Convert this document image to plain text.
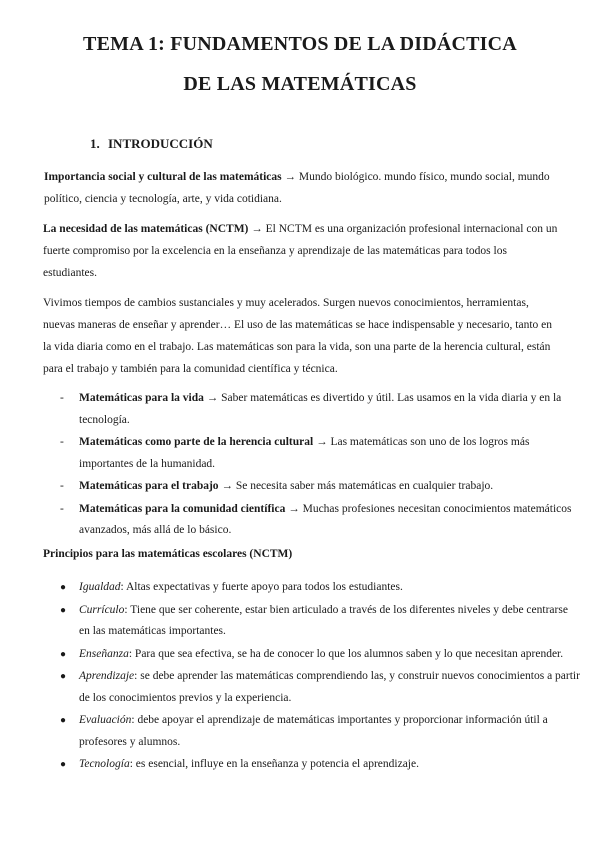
TEMA 1: FUNDAMENTOS DE LA DIDÁCTICA
DE LAS MATEMÁTICAS
1. INTRODUCCIÓN

Importancia social y cultural de las matemáticas → Mundo biológico. mundo físico, mundo social, mundo político, ciencia y tecnología, arte, y vida cotidiana.

La necesidad de las matemáticas (NCTM) → El NCTM es una organización profesional internacional con un fuerte compromiso por la excelencia en la enseñanza y aprendizaje de las matemáticas para todos los estudiantes.

Vivimos tiempos de cambios sustanciales y muy acelerados. Surgen nuevos conocimientos, herramientas, nuevas maneras de enseñar y aprender… El uso de las matemáticas se hace indispensable y necesario, tanto en la vida diaria como en el trabajo. Las matemáticas son para la vida, son una parte de la herencia cultural, están para el trabajo y también para la comunidad científica y técnica.

- Matemáticas para la vida → Saber matemáticas es divertido y útil. Las usamos en la vida diaria y en la tecnología.
- Matemáticas como parte de la herencia cultural → Las matemáticas son uno de los logros más importantes de la humanidad.
- Matemáticas para el trabajo → Se necesita saber más matemáticas en cualquier trabajo.
- Matemáticas para la comunidad científica → Muchas profesiones necesitan conocimientos matemáticos avanzados, más allá de lo básico.

Principios para las matemáticas escolares (NCTM)

● Igualdad: Altas expectativas y fuerte apoyo para todos los estudiantes.
● Currículo: Tiene que ser coherente, estar bien articulado a través de los diferentes niveles y debe centrarse en las matemáticas importantes.
● Enseñanza: Para que sea efectiva, se ha de conocer lo que los alumnos saben y lo que necesitan aprender.
● Aprendizaje: se debe aprender las matemáticas comprendiendo las, y construir nuevos conocimientos a partir de los conocimientos previos y la experiencia.
● Evaluación: debe apoyar el aprendizaje de matemáticas importantes y proporcionar información útil a profesores y alumnos.
● Tecnología: es esencial, influye en la enseñanza y potencia el aprendizaje.
